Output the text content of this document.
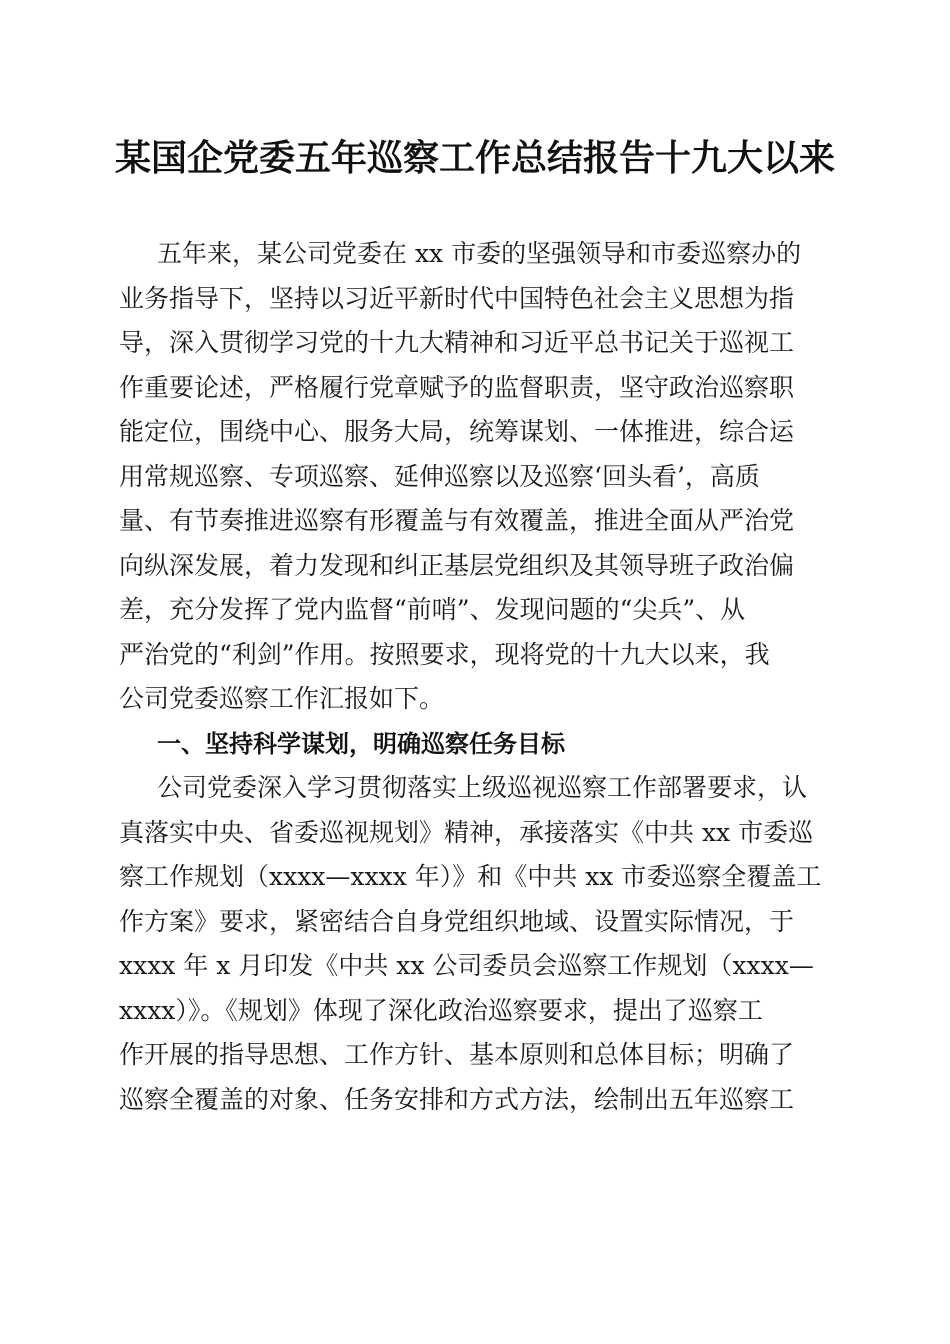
某国企党委五年巡察工作总结报告十九大以来
五年来，某公司党委在 xx 市委的坚强领导和市委巡察办的
业务指导下，坚持以习近平新时代中国特色社会主义思想为指
导，深入贯彻学习党的十九大精神和习近平总书记关于巡视工
作重要论述，严格履行党章赋予的监督职责，坚守政治巡察职
能定位，围绕中心、服务大局，统筹谋划、一体推进，综合运
用常规巡察、专项巡察、延伸巡察以及巡察‘回头看’，高质
量、有节奏推进巡察有形覆盖与有效覆盖，推进全面从严治党
向纵深发展，着力发现和纠正基层党组织及其领导班子政治偏
差，充分发挥了党内监督“前哨”、发现问题的“尖兵”、从
严治党的“利剑”作用。按照要求，现将党的十九大以来，我
公司党委巡察工作汇报如下。
一、坚持科学谋划，明确巡察任务目标
公司党委深入学习贯彻落实上级巡视巡察工作部署要求，认
真落实中央、省委巡视规划》精神，承接落实《中共 xx 市委巡
察工作规划（xxxx—xxxx 年）》和《中共 xx 市委巡察全覆盖工
作方案》要求，紧密结合自身党组织地域、设置实际情况，于
xxxx 年 x 月印发《中共 xx 公司委员会巡察工作规划（xxxx—
xxxx）》。《规划》体现了深化政治巡察要求，提出了巡察工
作开展的指导思想、工作方针、基本原则和总体目标；明确了
巡察全覆盖的对象、任务安排和方式方法，绘制出五年巡察工
